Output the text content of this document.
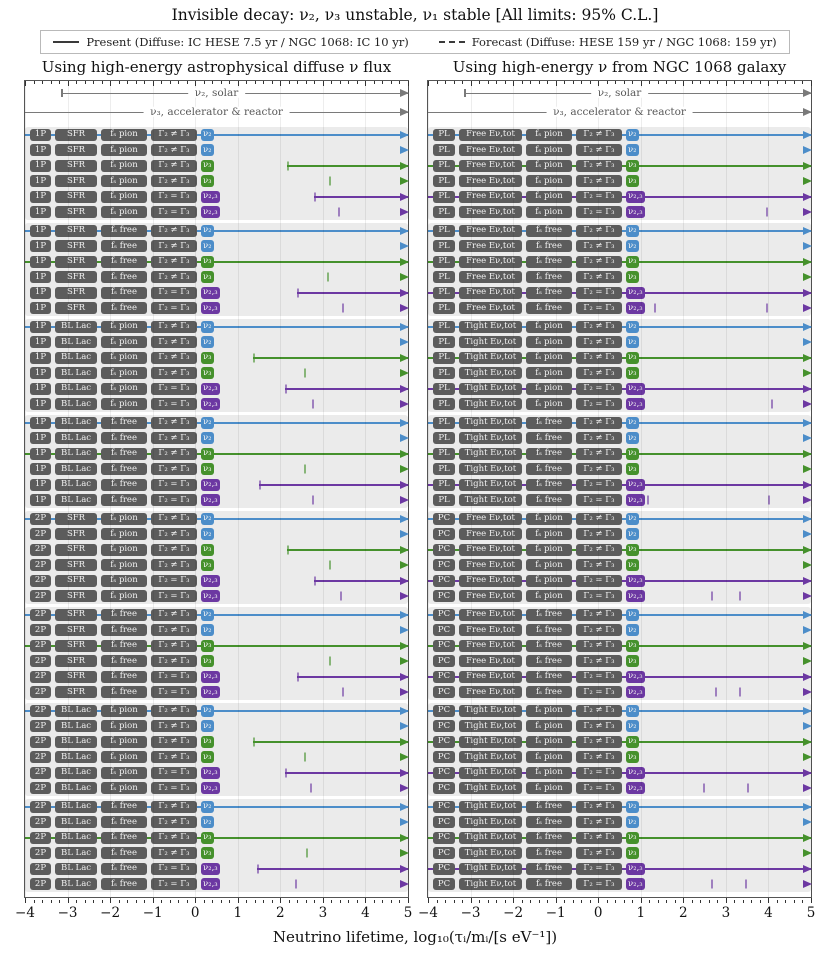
Invisible decay: ν₂, ν₃ unstable, ν₁ stable [All limits: 95% C.L.]
Present (Diffuse: IC HESE 7.5 yr / NGC 1068: IC 10 yr)	Forecast (Diffuse: HESE 159 yr / NGC 1068: 159 yr)
Using high-energy astrophysical diffuse ν flux	Using high-energy ν from NGC 1068 galaxy
−4 −3 −2 −1 0	1	2	3	4	5
ν₂, solar
ν₃, accelerator & reactor
1P	SFR	fₛ pion	Γ₂ ≠ Γ₃	ν₂
1P	SFR	fₛ pion	Γ₂ ≠ Γ₃	ν₂
1P	SFR	fₛ pion	Γ₂ ≠ Γ₃	ν₃
1P	SFR	fₛ pion	Γ₂ ≠ Γ₃	ν₃
1P	SFR	fₛ pion	Γ₂ = Γ₃	ν₂,₃
1P	SFR	fₛ pion	Γ₂ = Γ₃	ν₂,₃
1P	SFR	fₛ free	Γ₂ ≠ Γ₃	ν₂
1P	SFR	fₛ free	Γ₂ ≠ Γ₃	ν₂
1P	SFR	fₛ free	Γ₂ ≠ Γ₃	ν₃
1P	SFR	fₛ free	Γ₂ ≠ Γ₃	ν₃
1P	SFR	fₛ free	Γ₂ = Γ₃	ν₂,₃
1P	SFR	fₛ free	Γ₂ = Γ₃	ν₂,₃
1P	BL Lac	fₛ pion	Γ₂ ≠ Γ₃	ν₂
1P	BL Lac	fₛ pion	Γ₂ ≠ Γ₃	ν₂
1P	BL Lac	fₛ pion	Γ₂ ≠ Γ₃	ν₃
1P	BL Lac	fₛ pion	Γ₂ ≠ Γ₃	ν₃
1P	BL Lac	fₛ pion	Γ₂ = Γ₃	ν₂,₃
1P	BL Lac	fₛ pion	Γ₂ = Γ₃	ν₂,₃
1P	BL Lac	fₛ free	Γ₂ ≠ Γ₃	ν₂
1P	BL Lac	fₛ free	Γ₂ ≠ Γ₃	ν₂
1P	BL Lac	fₛ free	Γ₂ ≠ Γ₃	ν₃
1P	BL Lac	fₛ free	Γ₂ ≠ Γ₃	ν₃
1P	BL Lac	fₛ free	Γ₂ = Γ₃	ν₂,₃
1P	BL Lac	fₛ free	Γ₂ = Γ₃	ν₂,₃
2P	SFR	fₛ pion	Γ₂ ≠ Γ₃	ν₂
2P	SFR	fₛ pion	Γ₂ ≠ Γ₃	ν₂
2P	SFR	fₛ pion	Γ₂ ≠ Γ₃	ν₃
2P	SFR	fₛ pion	Γ₂ ≠ Γ₃	ν₃
2P	SFR	fₛ pion	Γ₂ = Γ₃	ν₂,₃
2P	SFR	fₛ pion	Γ₂ = Γ₃	ν₂,₃
2P	SFR	fₛ free	Γ₂ ≠ Γ₃	ν₂
2P	SFR	fₛ free	Γ₂ ≠ Γ₃	ν₂
2P	SFR	fₛ free	Γ₂ ≠ Γ₃	ν₃
2P	SFR	fₛ free	Γ₂ ≠ Γ₃	ν₃
2P	SFR	fₛ free	Γ₂ = Γ₃	ν₂,₃
2P	SFR	fₛ free	Γ₂ = Γ₃	ν₂,₃
2P	BL Lac	fₛ pion	Γ₂ ≠ Γ₃	ν₂
2P	BL Lac	fₛ pion	Γ₂ ≠ Γ₃	ν₂
2P	BL Lac	fₛ pion	Γ₂ ≠ Γ₃	ν₃
2P	BL Lac	fₛ pion	Γ₂ ≠ Γ₃	ν₃
2P	BL Lac	fₛ pion	Γ₂ = Γ₃	ν₂,₃
2P	BL Lac	fₛ pion	Γ₂ = Γ₃	ν₂,₃
2P	BL Lac	fₛ free	Γ₂ ≠ Γ₃	ν₂
2P	BL Lac	fₛ free	Γ₂ ≠ Γ₃	ν₂
2P	BL Lac	fₛ free	Γ₂ ≠ Γ₃	ν₃
2P	BL Lac	fₛ free	Γ₂ ≠ Γ₃	ν₃
2P	BL Lac	fₛ free	Γ₂ = Γ₃	ν₂,₃
2P	BL Lac	fₛ free	Γ₂ = Γ₃	ν₂,₃
−4 −3 −2 −1 0	1	2	3	4	5
ν₂, solar
ν₃, accelerator & reactor
PL	Free Eν,tot	fₛ pion	Γ₂ ≠ Γ₃	ν₂
PL	Free Eν,tot	fₛ pion	Γ₂ ≠ Γ₃	ν₂
PL	Free Eν,tot	fₛ pion	Γ₂ ≠ Γ₃	ν₃
PL	Free Eν,tot	fₛ pion	Γ₂ ≠ Γ₃	ν₃
PL	Free Eν,tot	fₛ pion	Γ₂ = Γ₃	ν₂,₃
PL	Free Eν,tot	fₛ pion	Γ₂ = Γ₃	ν₂,₃
PL	Free Eν,tot	fₛ free	Γ₂ ≠ Γ₃	ν₂
PL	Free Eν,tot	fₛ free	Γ₂ ≠ Γ₃	ν₂
PL	Free Eν,tot	fₛ free	Γ₂ ≠ Γ₃	ν₃
PL	Free Eν,tot	fₛ free	Γ₂ ≠ Γ₃	ν₃
PL	Free Eν,tot	fₛ free	Γ₂ = Γ₃	ν₂,₃
PL	Free Eν,tot	fₛ free	Γ₂ = Γ₃	ν₂,₃
PL	Tight Eν,tot	fₛ pion	Γ₂ ≠ Γ₃	ν₂
PL	Tight Eν,tot	fₛ pion	Γ₂ ≠ Γ₃	ν₂
PL	Tight Eν,tot	fₛ pion	Γ₂ ≠ Γ₃	ν₃
PL	Tight Eν,tot	fₛ pion	Γ₂ ≠ Γ₃	ν₃
PL	Tight Eν,tot	fₛ pion	Γ₂ = Γ₃	ν₂,₃
PL	Tight Eν,tot	fₛ pion	Γ₂ = Γ₃	ν₂,₃
PL	Tight Eν,tot	fₛ free	Γ₂ ≠ Γ₃	ν₂
PL	Tight Eν,tot	fₛ free	Γ₂ ≠ Γ₃	ν₂
PL	Tight Eν,tot	fₛ free	Γ₂ ≠ Γ₃	ν₃
PL	Tight Eν,tot	fₛ free	Γ₂ ≠ Γ₃	ν₃
PL	Tight Eν,tot	fₛ free	Γ₂ = Γ₃	ν₂,₃
PL	Tight Eν,tot	fₛ free	Γ₂ = Γ₃	ν₂,₃
PC	Free Eν,tot	fₛ pion	Γ₂ ≠ Γ₃	ν₂
PC	Free Eν,tot	fₛ pion	Γ₂ ≠ Γ₃	ν₂
PC	Free Eν,tot	fₛ pion	Γ₂ ≠ Γ₃	ν₃
PC	Free Eν,tot	fₛ pion	Γ₂ ≠ Γ₃	ν₃
PC	Free Eν,tot	fₛ pion	Γ₂ = Γ₃	ν₂,₃
PC	Free Eν,tot	fₛ pion	Γ₂ = Γ₃	ν₂,₃
PC	Free Eν,tot	fₛ free	Γ₂ ≠ Γ₃	ν₂
PC	Free Eν,tot	fₛ free	Γ₂ ≠ Γ₃	ν₂
PC	Free Eν,tot	fₛ free	Γ₂ ≠ Γ₃	ν₃
PC	Free Eν,tot	fₛ free	Γ₂ ≠ Γ₃	ν₃
PC	Free Eν,tot	fₛ free	Γ₂ = Γ₃	ν₂,₃
PC	Free Eν,tot	fₛ free	Γ₂ = Γ₃	ν₂,₃
PC	Tight Eν,tot	fₛ pion	Γ₂ ≠ Γ₃	ν₂
PC	Tight Eν,tot	fₛ pion	Γ₂ ≠ Γ₃	ν₂
PC	Tight Eν,tot	fₛ pion	Γ₂ ≠ Γ₃	ν₃
PC	Tight Eν,tot	fₛ pion	Γ₂ ≠ Γ₃	ν₃
PC	Tight Eν,tot	fₛ pion	Γ₂ = Γ₃	ν₂,₃
PC	Tight Eν,tot	fₛ pion	Γ₂ = Γ₃	ν₂,₃
PC	Tight Eν,tot	fₛ free	Γ₂ ≠ Γ₃	ν₂
PC	Tight Eν,tot	fₛ free	Γ₂ ≠ Γ₃	ν₂
PC	Tight Eν,tot	fₛ free	Γ₂ ≠ Γ₃	ν₃
PC	Tight Eν,tot	fₛ free	Γ₂ ≠ Γ₃	ν₃
PC	Tight Eν,tot	fₛ free	Γ₂ = Γ₃	ν₂,₃
PC	Tight Eν,tot	fₛ free	Γ₂ = Γ₃	ν₂,₃
Neutrino lifetime, log₁₀(τᵢ/mᵢ/[s eV⁻¹])
